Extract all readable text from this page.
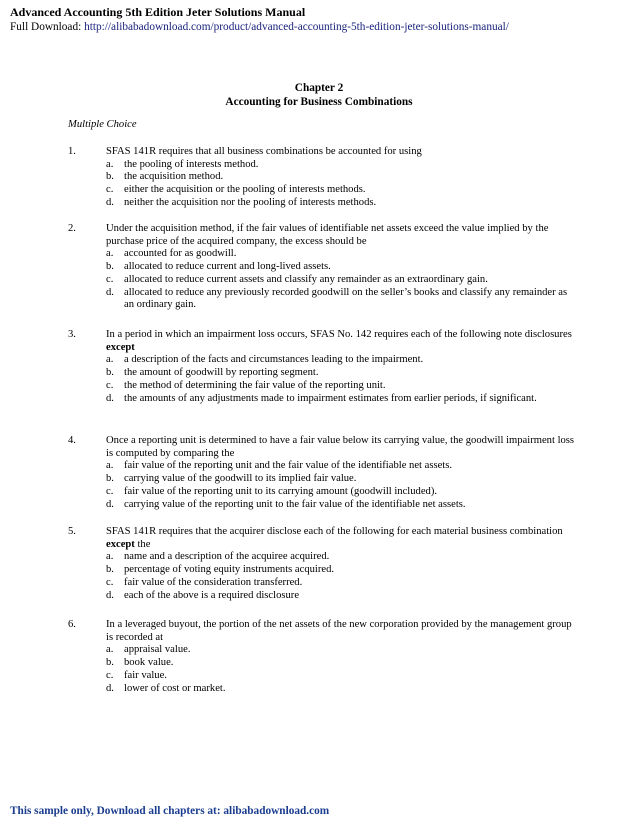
Advanced Accounting 5th Edition Jeter Solutions Manual
Full Download: http://alibabadownload.com/product/advanced-accounting-5th-edition-jeter-solutions-manual/
Chapter 2
Accounting for Business Combinations
Multiple Choice
1.	SFAS 141R requires that all business combinations be accounted for using

a. the pooling of interests method.
b. the acquisition method.
c. either the acquisition or the pooling of interests methods.
d. neither the acquisition nor the pooling of interests methods.
2.	Under the acquisition method, if the fair values of identifiable net assets exceed the value implied by the purchase price of the acquired company, the excess should be

a. accounted for as goodwill.
b. allocated to reduce current and long-lived assets.
c. allocated to reduce current assets and classify any remainder as an extraordinary gain.
d. allocated to reduce any previously recorded goodwill on the seller’s books and classify any remainder as an ordinary gain.
3.	In a period in which an impairment loss occurs, SFAS No. 142 requires each of the following note disclosures except

a. a description of the facts and circumstances leading to the impairment.
b. the amount of goodwill by reporting segment.
c. the method of determining the fair value of the reporting unit.
d. the amounts of any adjustments made to impairment estimates from earlier periods, if significant.
4.	Once a reporting unit is determined to have a fair value below its carrying value, the goodwill impairment loss is computed by comparing the

a. fair value of the reporting unit and the fair value of the identifiable net assets.
b. carrying value of the goodwill to its implied fair value.
c. fair value of the reporting unit to its carrying amount (goodwill included).
d. carrying value of the reporting unit to the fair value of the identifiable net assets.
5.	SFAS 141R requires that the acquirer disclose each of the following for each material business combination except the

a. name and a description of the acquiree acquired.
b. percentage of voting equity instruments acquired.
c. fair value of the consideration transferred.
d. each of the above is a required disclosure
6.	In a leveraged buyout, the portion of the net assets of the new corporation provided by the management group is recorded at

a. appraisal value.
b. book value.
c. fair value.
d. lower of cost or market.
This sample only, Download all chapters at: alibabadownload.com
